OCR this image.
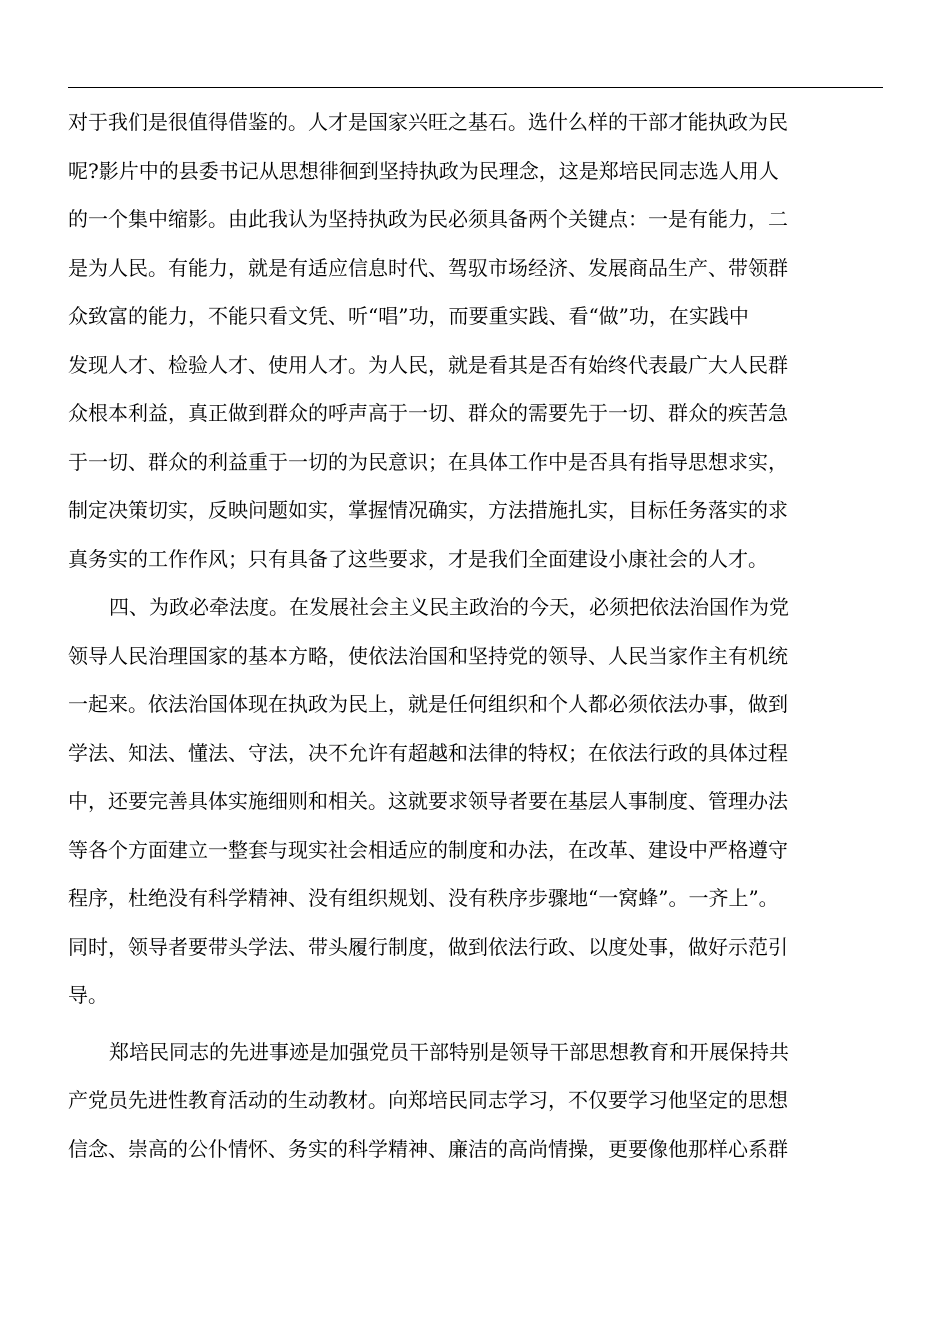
对于我们是很值得借鉴的。人才是国家兴旺之基石。选什么样的干部才能执政为民
呢?影片中的县委书记从思想徘徊到坚持执政为民理念，这是郑培民同志选人用人
的一个集中缩影。由此我认为坚持执政为民必须具备两个关键点：一是有能力，二
是为人民。有能力，就是有适应信息时代、驾驭市场经济、发展商品生产、带领群
众致富的能力，不能只看文凭、听“唱”功，而要重实践、看“做”功，在实践中
发现人才、检验人才、使用人才。为人民，就是看其是否有始终代表最广大人民群
众根本利益，真正做到群众的呼声高于一切、群众的需要先于一切、群众的疾苦急
于一切、群众的利益重于一切的为民意识；在具体工作中是否具有指导思想求实，
制定决策切实，反映问题如实，掌握情况确实，方法措施扎实，目标任务落实的求
真务实的工作作风；只有具备了这些要求，才是我们全面建设小康社会的人才。
四、为政必牵法度。在发展社会主义民主政治的今天，必须把依法治国作为党
领导人民治理国家的基本方略，使依法治国和坚持党的领导、人民当家作主有机统
一起来。依法治国体现在执政为民上，就是任何组织和个人都必须依法办事，做到
学法、知法、懂法、守法，决不允许有超越和法律的特权；在依法行政的具体过程
中，还要完善具体实施细则和相关。这就要求领导者要在基层人事制度、管理办法
等各个方面建立一整套与现实社会相适应的制度和办法，在改革、建设中严格遵守
程序，杜绝没有科学精神、没有组织规划、没有秩序步骤地“一窝蜂”。一齐上”。
同时，领导者要带头学法、带头履行制度，做到依法行政、以度处事，做好示范引
导。
郑培民同志的先进事迹是加强党员干部特别是领导干部思想教育和开展保持共
产党员先进性教育活动的生动教材。向郑培民同志学习，不仅要学习他坚定的思想
信念、崇高的公仆情怀、务实的科学精神、廉洁的高尚情操，更要像他那样心系群
